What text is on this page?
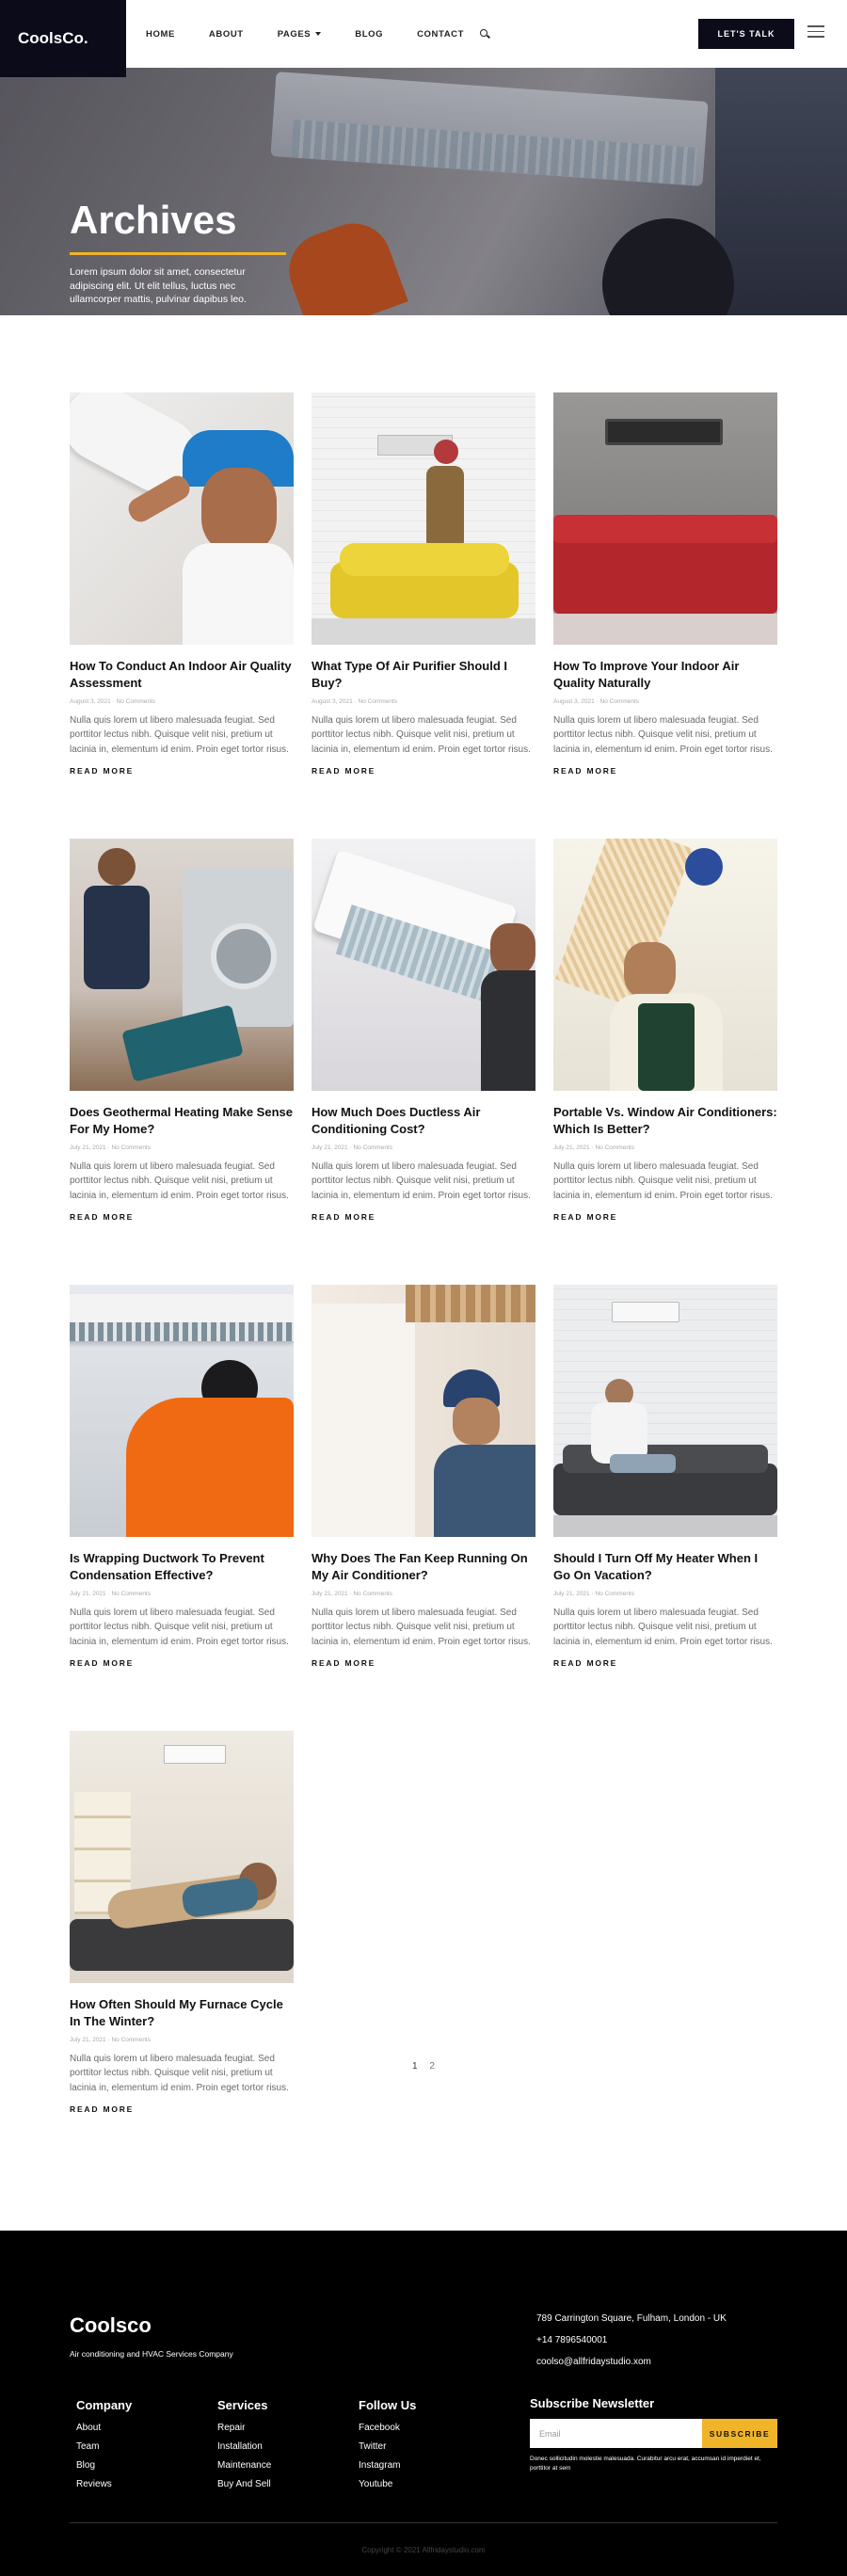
CoolsCo.	HOME	ABOUT	PAGES	BLOG	CONTACT	LET'S TALK
Archives
Lorem ipsum dolor sit amet, consectetur adipiscing elit. Ut elit tellus, luctus nec ullamcorper mattis, pulvinar dapibus leo.
How To Conduct An Indoor Air Quality Assessment
August 3, 2021 · No Comments
Nulla quis lorem ut libero malesuada feugiat. Sed porttitor lectus nibh. Quisque velit nisi, pretium ut lacinia in, elementum id enim. Proin eget tortor risus.
READ MORE
What Type Of Air Purifier Should I Buy?
August 3, 2021 · No Comments
Nulla quis lorem ut libero malesuada feugiat. Sed porttitor lectus nibh. Quisque velit nisi, pretium ut lacinia in, elementum id enim. Proin eget tortor risus.
READ MORE
How To Improve Your Indoor Air Quality Naturally
August 3, 2021 · No Comments
Nulla quis lorem ut libero malesuada feugiat. Sed porttitor lectus nibh. Quisque velit nisi, pretium ut lacinia in, elementum id enim. Proin eget tortor risus.
READ MORE
Does Geothermal Heating Make Sense For My Home?
July 21, 2021 · No Comments
Nulla quis lorem ut libero malesuada feugiat. Sed porttitor lectus nibh. Quisque velit nisi, pretium ut lacinia in, elementum id enim. Proin eget tortor risus.
READ MORE
How Much Does Ductless Air Conditioning Cost?
July 21, 2021 · No Comments
Nulla quis lorem ut libero malesuada feugiat. Sed porttitor lectus nibh. Quisque velit nisi, pretium ut lacinia in, elementum id enim. Proin eget tortor risus.
READ MORE
Portable Vs. Window Air Conditioners: Which Is Better?
July 21, 2021 · No Comments
Nulla quis lorem ut libero malesuada feugiat. Sed porttitor lectus nibh. Quisque velit nisi, pretium ut lacinia in, elementum id enim. Proin eget tortor risus.
READ MORE
Is Wrapping Ductwork To Prevent Condensation Effective?
July 21, 2021 · No Comments
Nulla quis lorem ut libero malesuada feugiat. Sed porttitor lectus nibh. Quisque velit nisi, pretium ut lacinia in, elementum id enim. Proin eget tortor risus.
READ MORE
Why Does The Fan Keep Running On My Air Conditioner?
July 21, 2021 · No Comments
Nulla quis lorem ut libero malesuada feugiat. Sed porttitor lectus nibh. Quisque velit nisi, pretium ut lacinia in, elementum id enim. Proin eget tortor risus.
READ MORE
Should I Turn Off My Heater When I Go On Vacation?
July 21, 2021 · No Comments
Nulla quis lorem ut libero malesuada feugiat. Sed porttitor lectus nibh. Quisque velit nisi, pretium ut lacinia in, elementum id enim. Proin eget tortor risus.
READ MORE
How Often Should My Furnace Cycle In The Winter?
July 21, 2021 · No Comments
Nulla quis lorem ut libero malesuada feugiat. Sed porttitor lectus nibh. Quisque velit nisi, pretium ut lacinia in, elementum id enim. Proin eget tortor risus.
READ MORE
1 2
Coolsco
Air conditioning and HVAC Services Company
789 Carrington Square, Fulham, London - UK
+14 7896540001
coolso@allfridaystudio.xom
Company
About
Team
Blog
Reviews
Services
Repair
Installation
Maintenance
Buy And Sell
Follow Us
Facebook
Twitter
Instagram
Youtube
Subscribe Newsletter
Email
SUBSCRIBE
Donec sollicitudin molestie malesuada. Curabitur arcu erat, accumsan id imperdiet et, porttitor at sem
Copyright © 2021 Allfridaystudio.com
